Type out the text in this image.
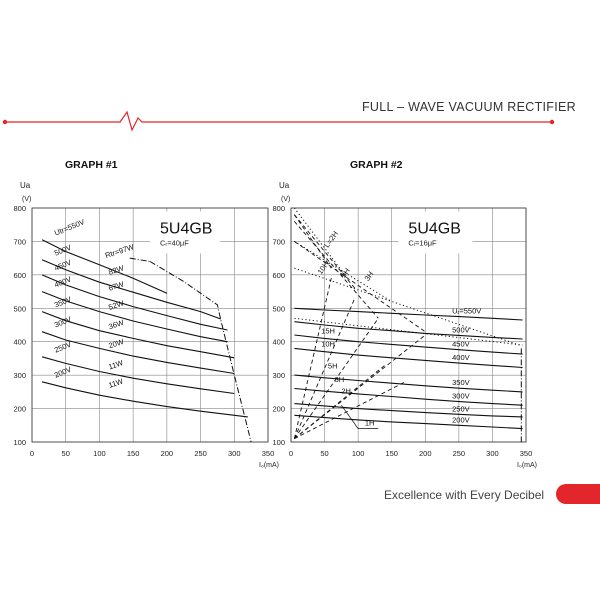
FULL – WAVE VACUUM RECTIFIER
GRAPH #1
Ua
(V)
I₀(mA)
0	50	100	150	200	250	300	350
100
200
300
400
500
600
700
800
5U4GB
Cᵣ=40μF
Utr=550V
500V
450V
400V
350V
300V
250V
200V
Rtr=97W
82W
67W
52W
36W
20W
11W
11W
GRAPH #2
Ua
(V)
I₀(mA)
0	50	100	150	200	250	300	350
100
200
300
400
500
600
700
800
5U4GB
Cᵢ=16μF
Uᵣ=550V
500V
450V
400V
350V
300V
250V
200V
L=2H
10H 5H 3H
15H
10H
5H
3H
2H
1H
Excellence with Every Decibel
